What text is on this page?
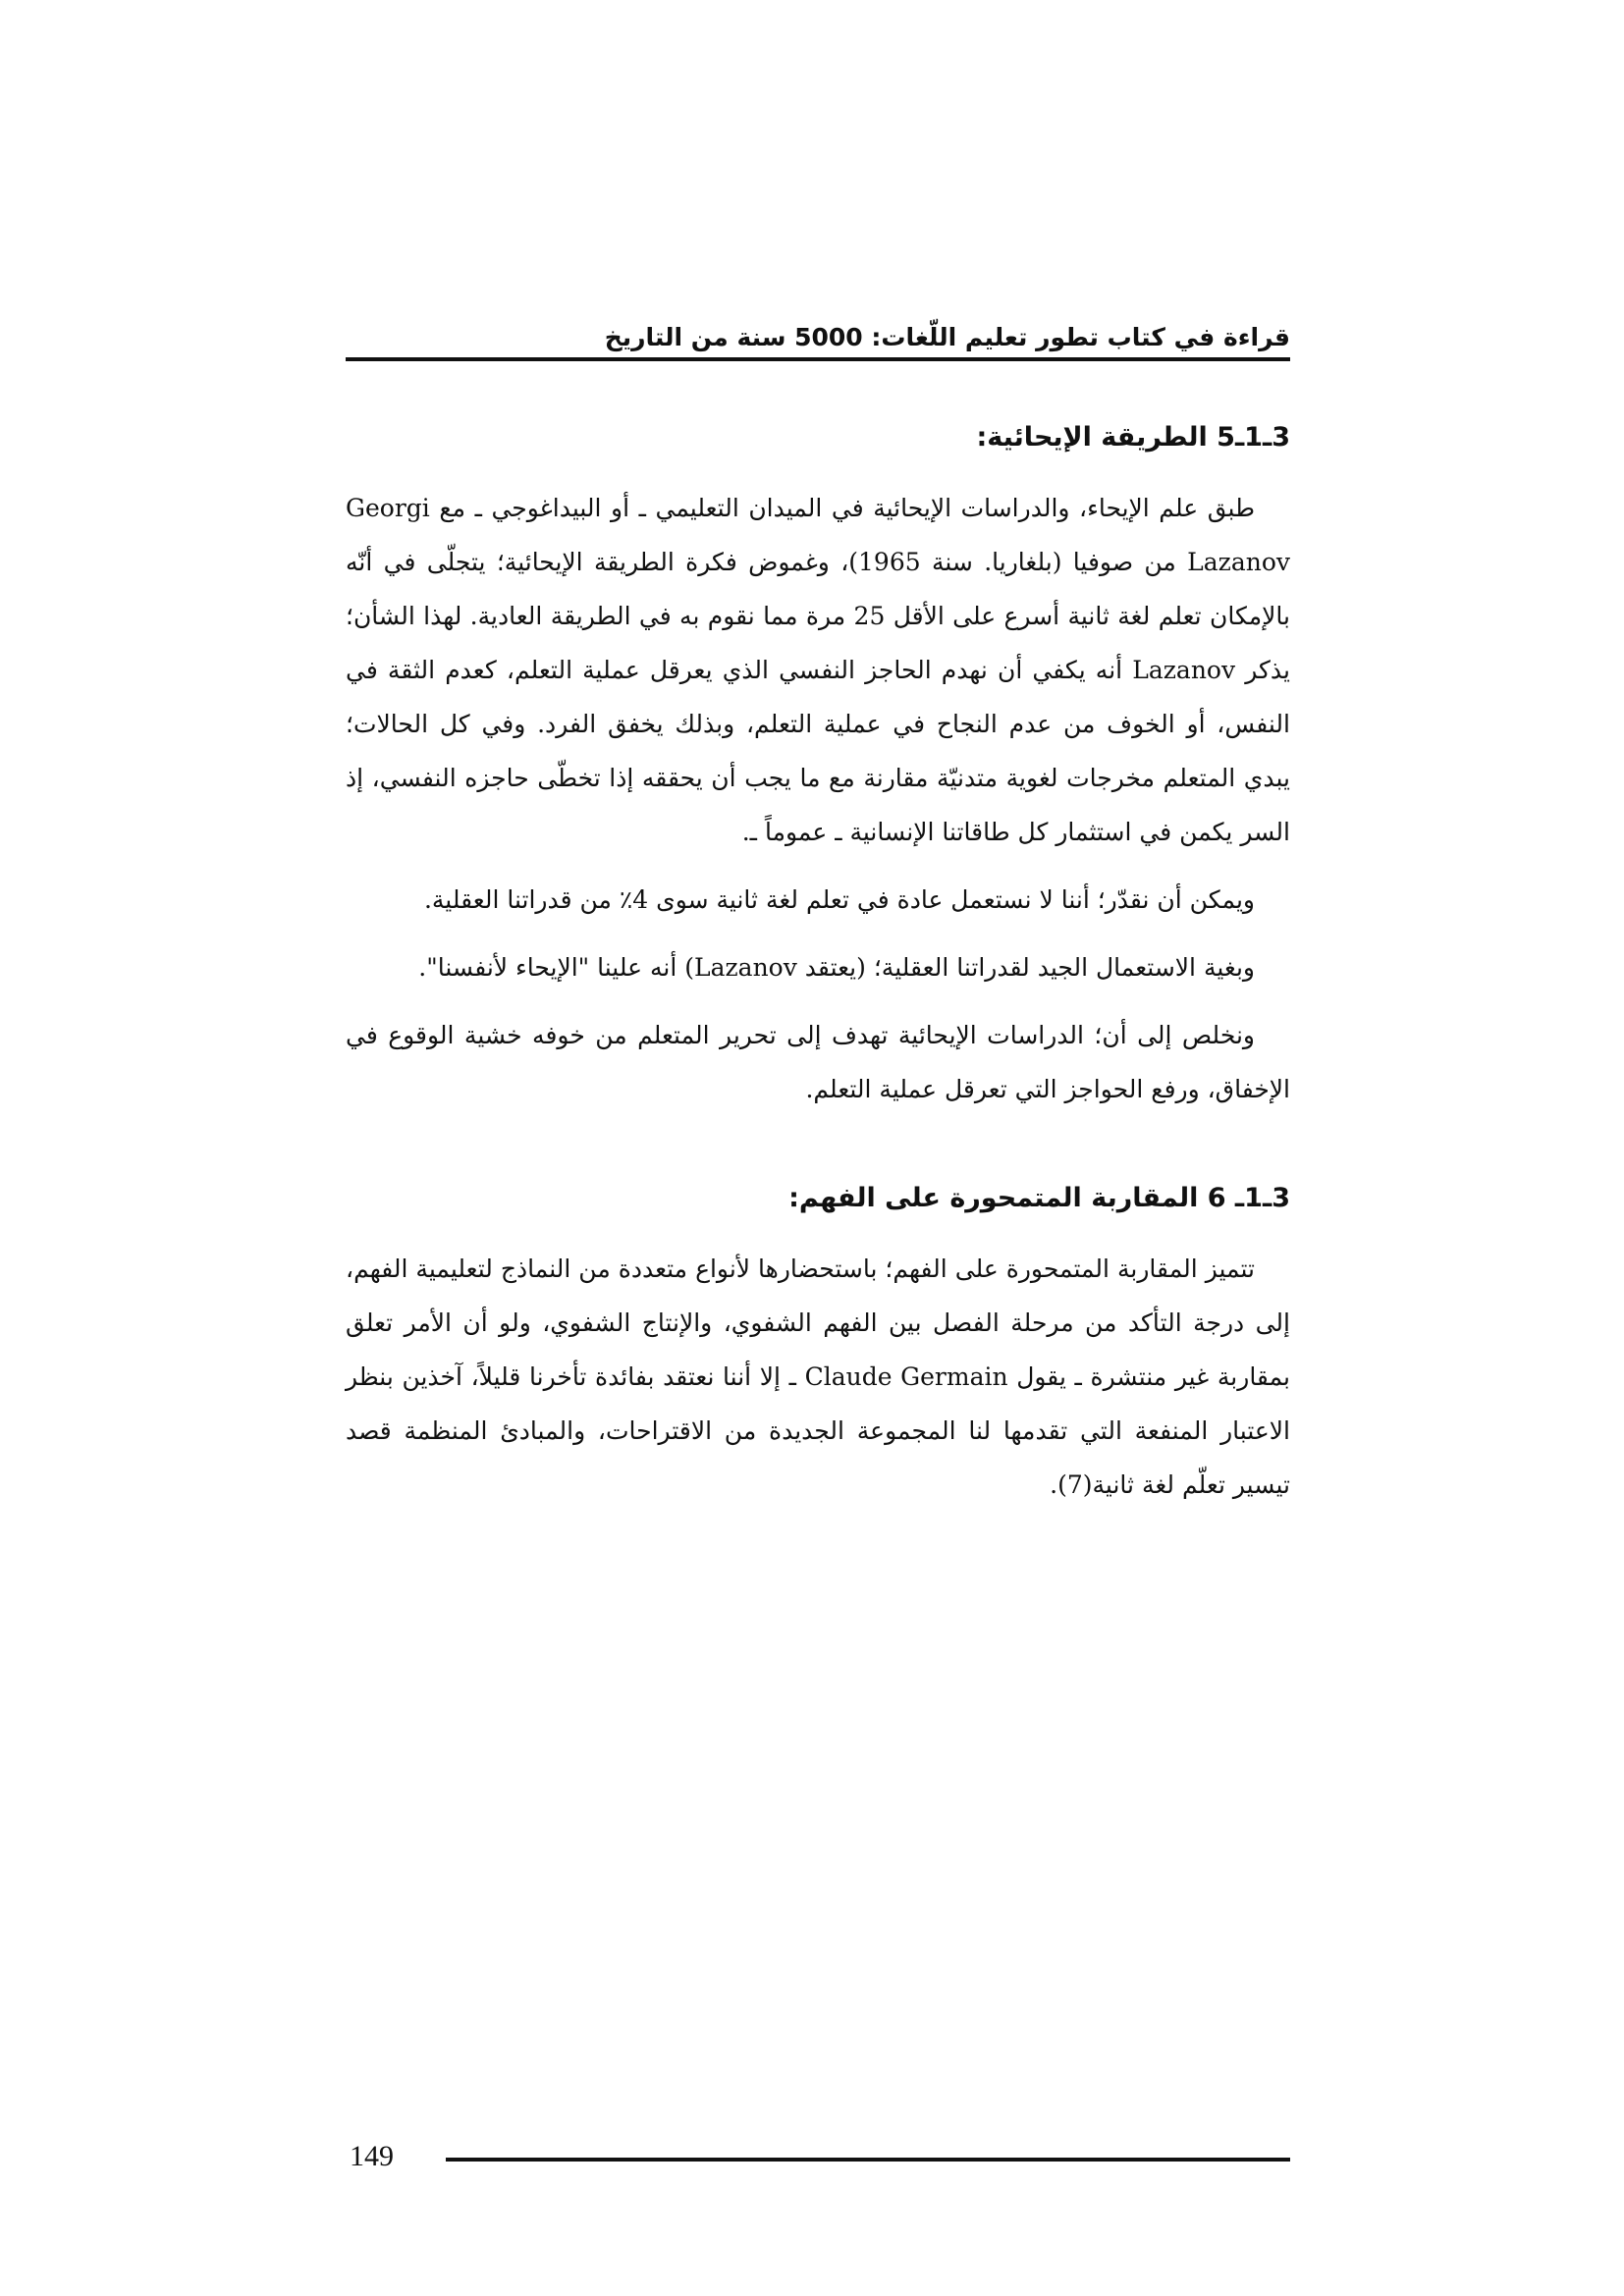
قراءة في كتاب تطور تعليم اللّغات: 5000 سنة من التاريخ
3ـ1ـ5 الطريقة الإيحائية:

طبق علم الإيحاء، والدراسات الإيحائية في الميدان التعليمي ـ أو البيداغوجي ـ مع Georgi Lazanov من صوفيا (بلغاريا. سنة 1965)، وغموض فكرة الطريقة الإيحائية؛ يتجلّى في أنّه بالإمكان تعلم لغة ثانية أسرع على الأقل 25 مرة مما نقوم به في الطريقة العادية. لهذا الشأن؛ يذكر Lazanov أنه يكفي أن نهدم الحاجز النفسي الذي يعرقل عملية التعلم، كعدم الثقة في النفس، أو الخوف من عدم النجاح في عملية التعلم، وبذلك يخفق الفرد. وفي كل الحالات؛ يبدي المتعلم مخرجات لغوية متدنيّة مقارنة مع ما يجب أن يحققه إذا تخطّى حاجزه النفسي، إذ السر يكمن في استثمار كل طاقاتنا الإنسانية ـ عموماً ـ.

ويمكن أن نقدّر؛ أننا لا نستعمل عادة في تعلم لغة ثانية سوى 4٪ من قدراتنا العقلية.

وبغية الاستعمال الجيد لقدراتنا العقلية؛ (يعتقد Lazanov) أنه علينا "الإيحاء لأنفسنا".

ونخلص إلى أن؛ الدراسات الإيحائية تهدف إلى تحرير المتعلم من خوفه خشية الوقوع في الإخفاق، ورفع الحواجز التي تعرقل عملية التعلم.

3ـ1ـ 6 المقاربة المتمحورة على الفهم:

تتميز المقاربة المتمحورة على الفهم؛ باستحضارها لأنواع متعددة من النماذج لتعليمية الفهم، إلى درجة التأكد من مرحلة الفصل بين الفهم الشفوي، والإنتاج الشفوي، ولو أن الأمر تعلق بمقاربة غير منتشرة ـ يقول Claude Germain ـ إلا أننا نعتقد بفائدة تأخرنا قليلاً، آخذين بنظر الاعتبار المنفعة التي تقدمها لنا المجموعة الجديدة من الاقتراحات، والمبادئ المنظمة قصد تيسير تعلّم لغة ثانية(7).

149
